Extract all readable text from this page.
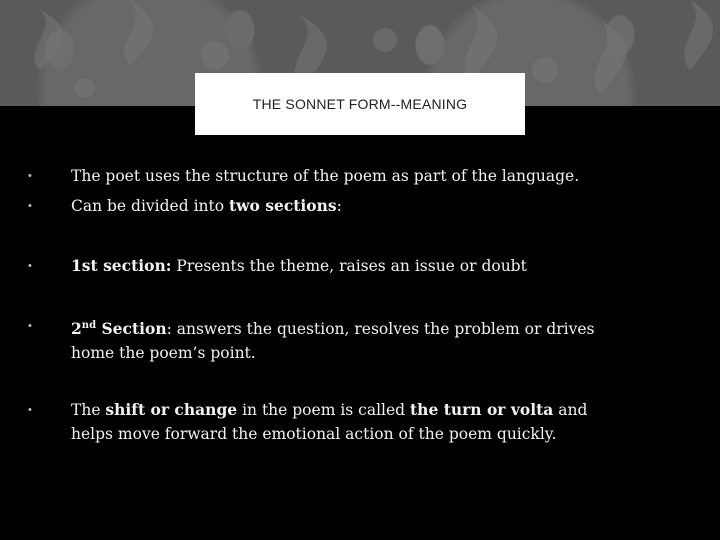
THE SONNET FORM--MEANING
•	The poet uses the structure of the poem as part of the language.
•	Can be divided into two sections:
•	1st section: Presents the theme, raises an issue or doubt
•	2nd Section: answers the question, resolves the problem or drives
home the poem’s point.
•	The shift or change in the poem is called the turn or volta and
helps move forward the emotional action of the poem quickly.
